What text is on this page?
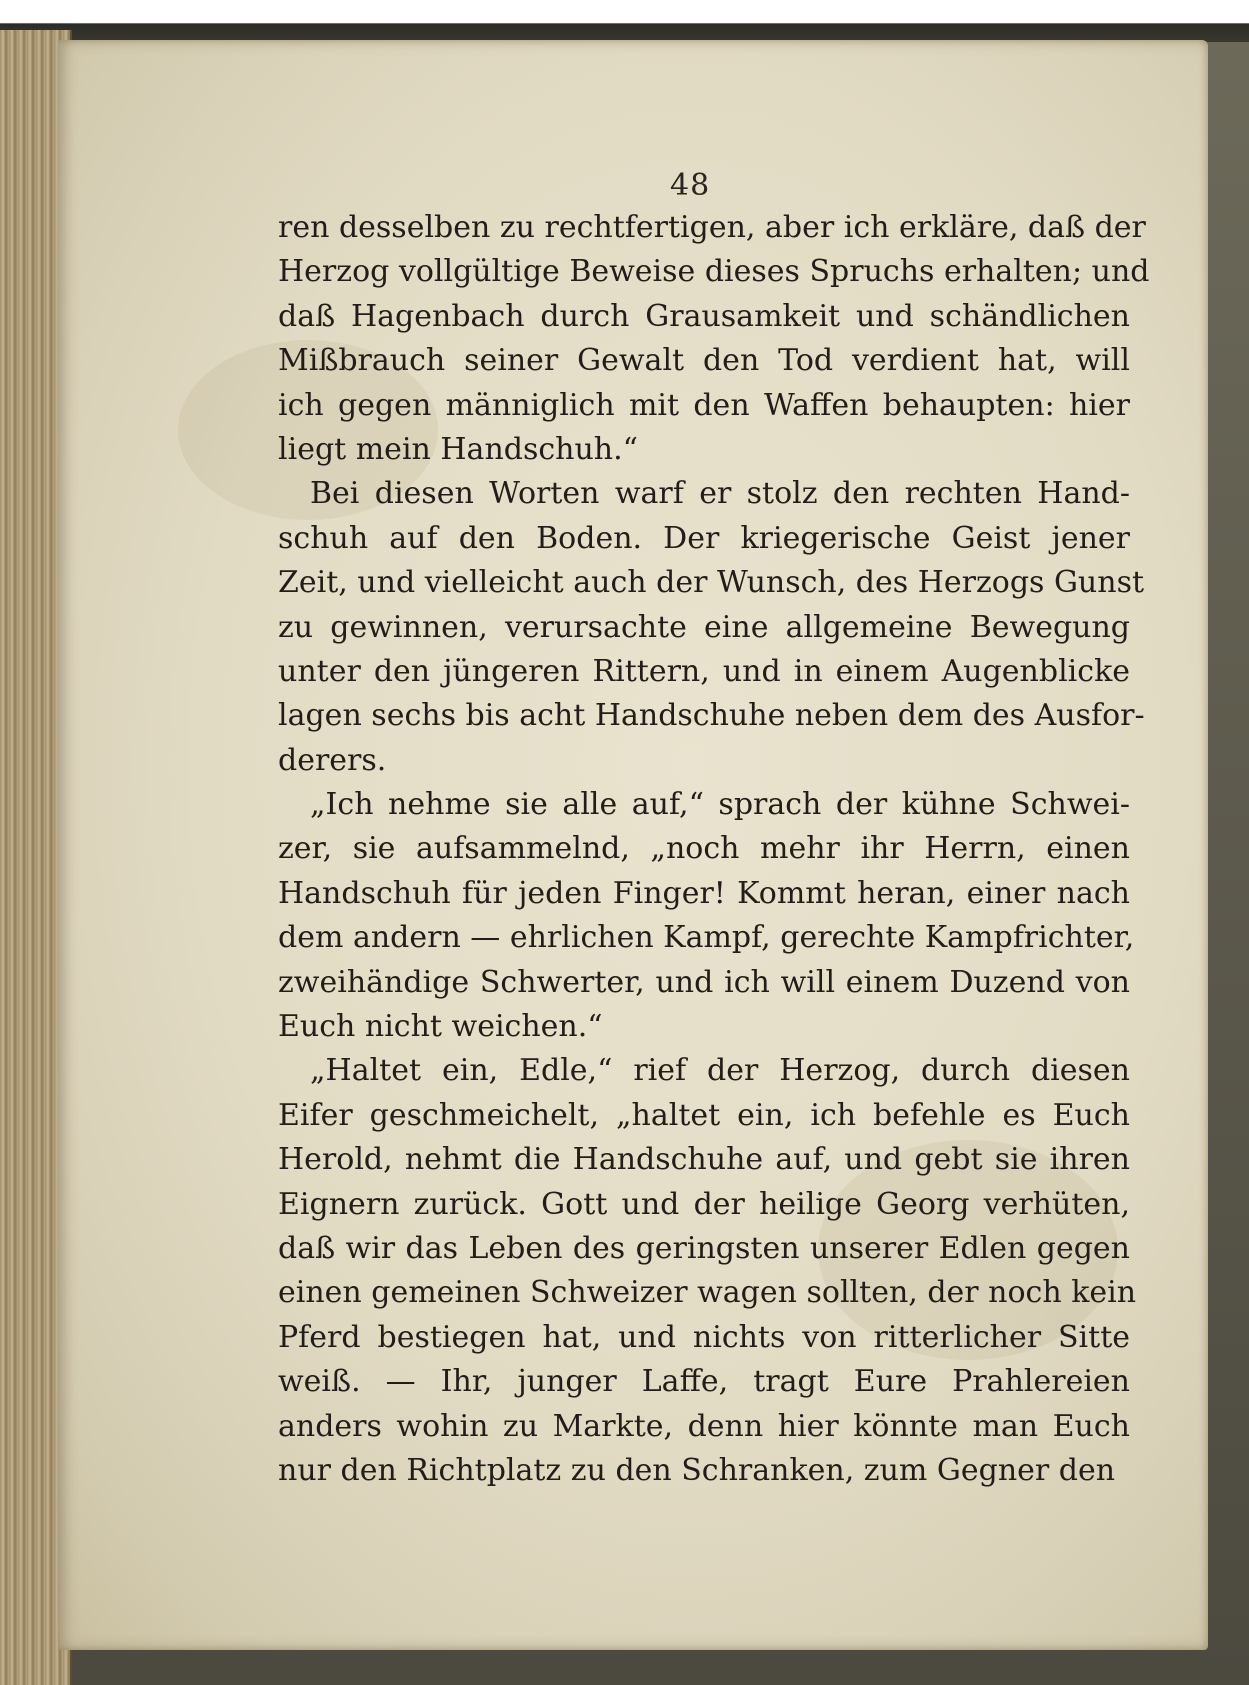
48
ren desselben zu rechtfertigen, aber ich erkläre, daß der
Herzog vollgültige Beweise dieses Spruchs erhalten; und
daß Hagenbach durch Grausamkeit und schändlichen
Mißbrauch seiner Gewalt den Tod verdient hat, will
ich gegen männiglich mit den Waffen behaupten: hier
liegt mein Handschuh.“
Bei diesen Worten warf er stolz den rechten Hand-
schuh auf den Boden. Der kriegerische Geist jener
Zeit, und vielleicht auch der Wunsch, des Herzogs Gunst
zu gewinnen, verursachte eine allgemeine Bewegung
unter den jüngeren Rittern, und in einem Augenblicke
lagen sechs bis acht Handschuhe neben dem des Ausfor-
derers.
„Ich nehme sie alle auf,“ sprach der kühne Schwei-
zer, sie aufsammelnd, „noch mehr ihr Herrn, einen
Handschuh für jeden Finger! Kommt heran, einer nach
dem andern — ehrlichen Kampf, gerechte Kampfrichter,
zweihändige Schwerter, und ich will einem Duzend von
Euch nicht weichen.“
„Haltet ein, Edle,“ rief der Herzog, durch diesen
Eifer geschmeichelt, „haltet ein, ich befehle es Euch
Herold, nehmt die Handschuhe auf, und gebt sie ihren
Eignern zurück. Gott und der heilige Georg verhüten,
daß wir das Leben des geringsten unserer Edlen gegen
einen gemeinen Schweizer wagen sollten, der noch kein
Pferd bestiegen hat, und nichts von ritterlicher Sitte
weiß. — Ihr, junger Laffe, tragt Eure Prahlereien
anders wohin zu Markte, denn hier könnte man Euch
nur den Richtplatz zu den Schranken, zum Gegner den
